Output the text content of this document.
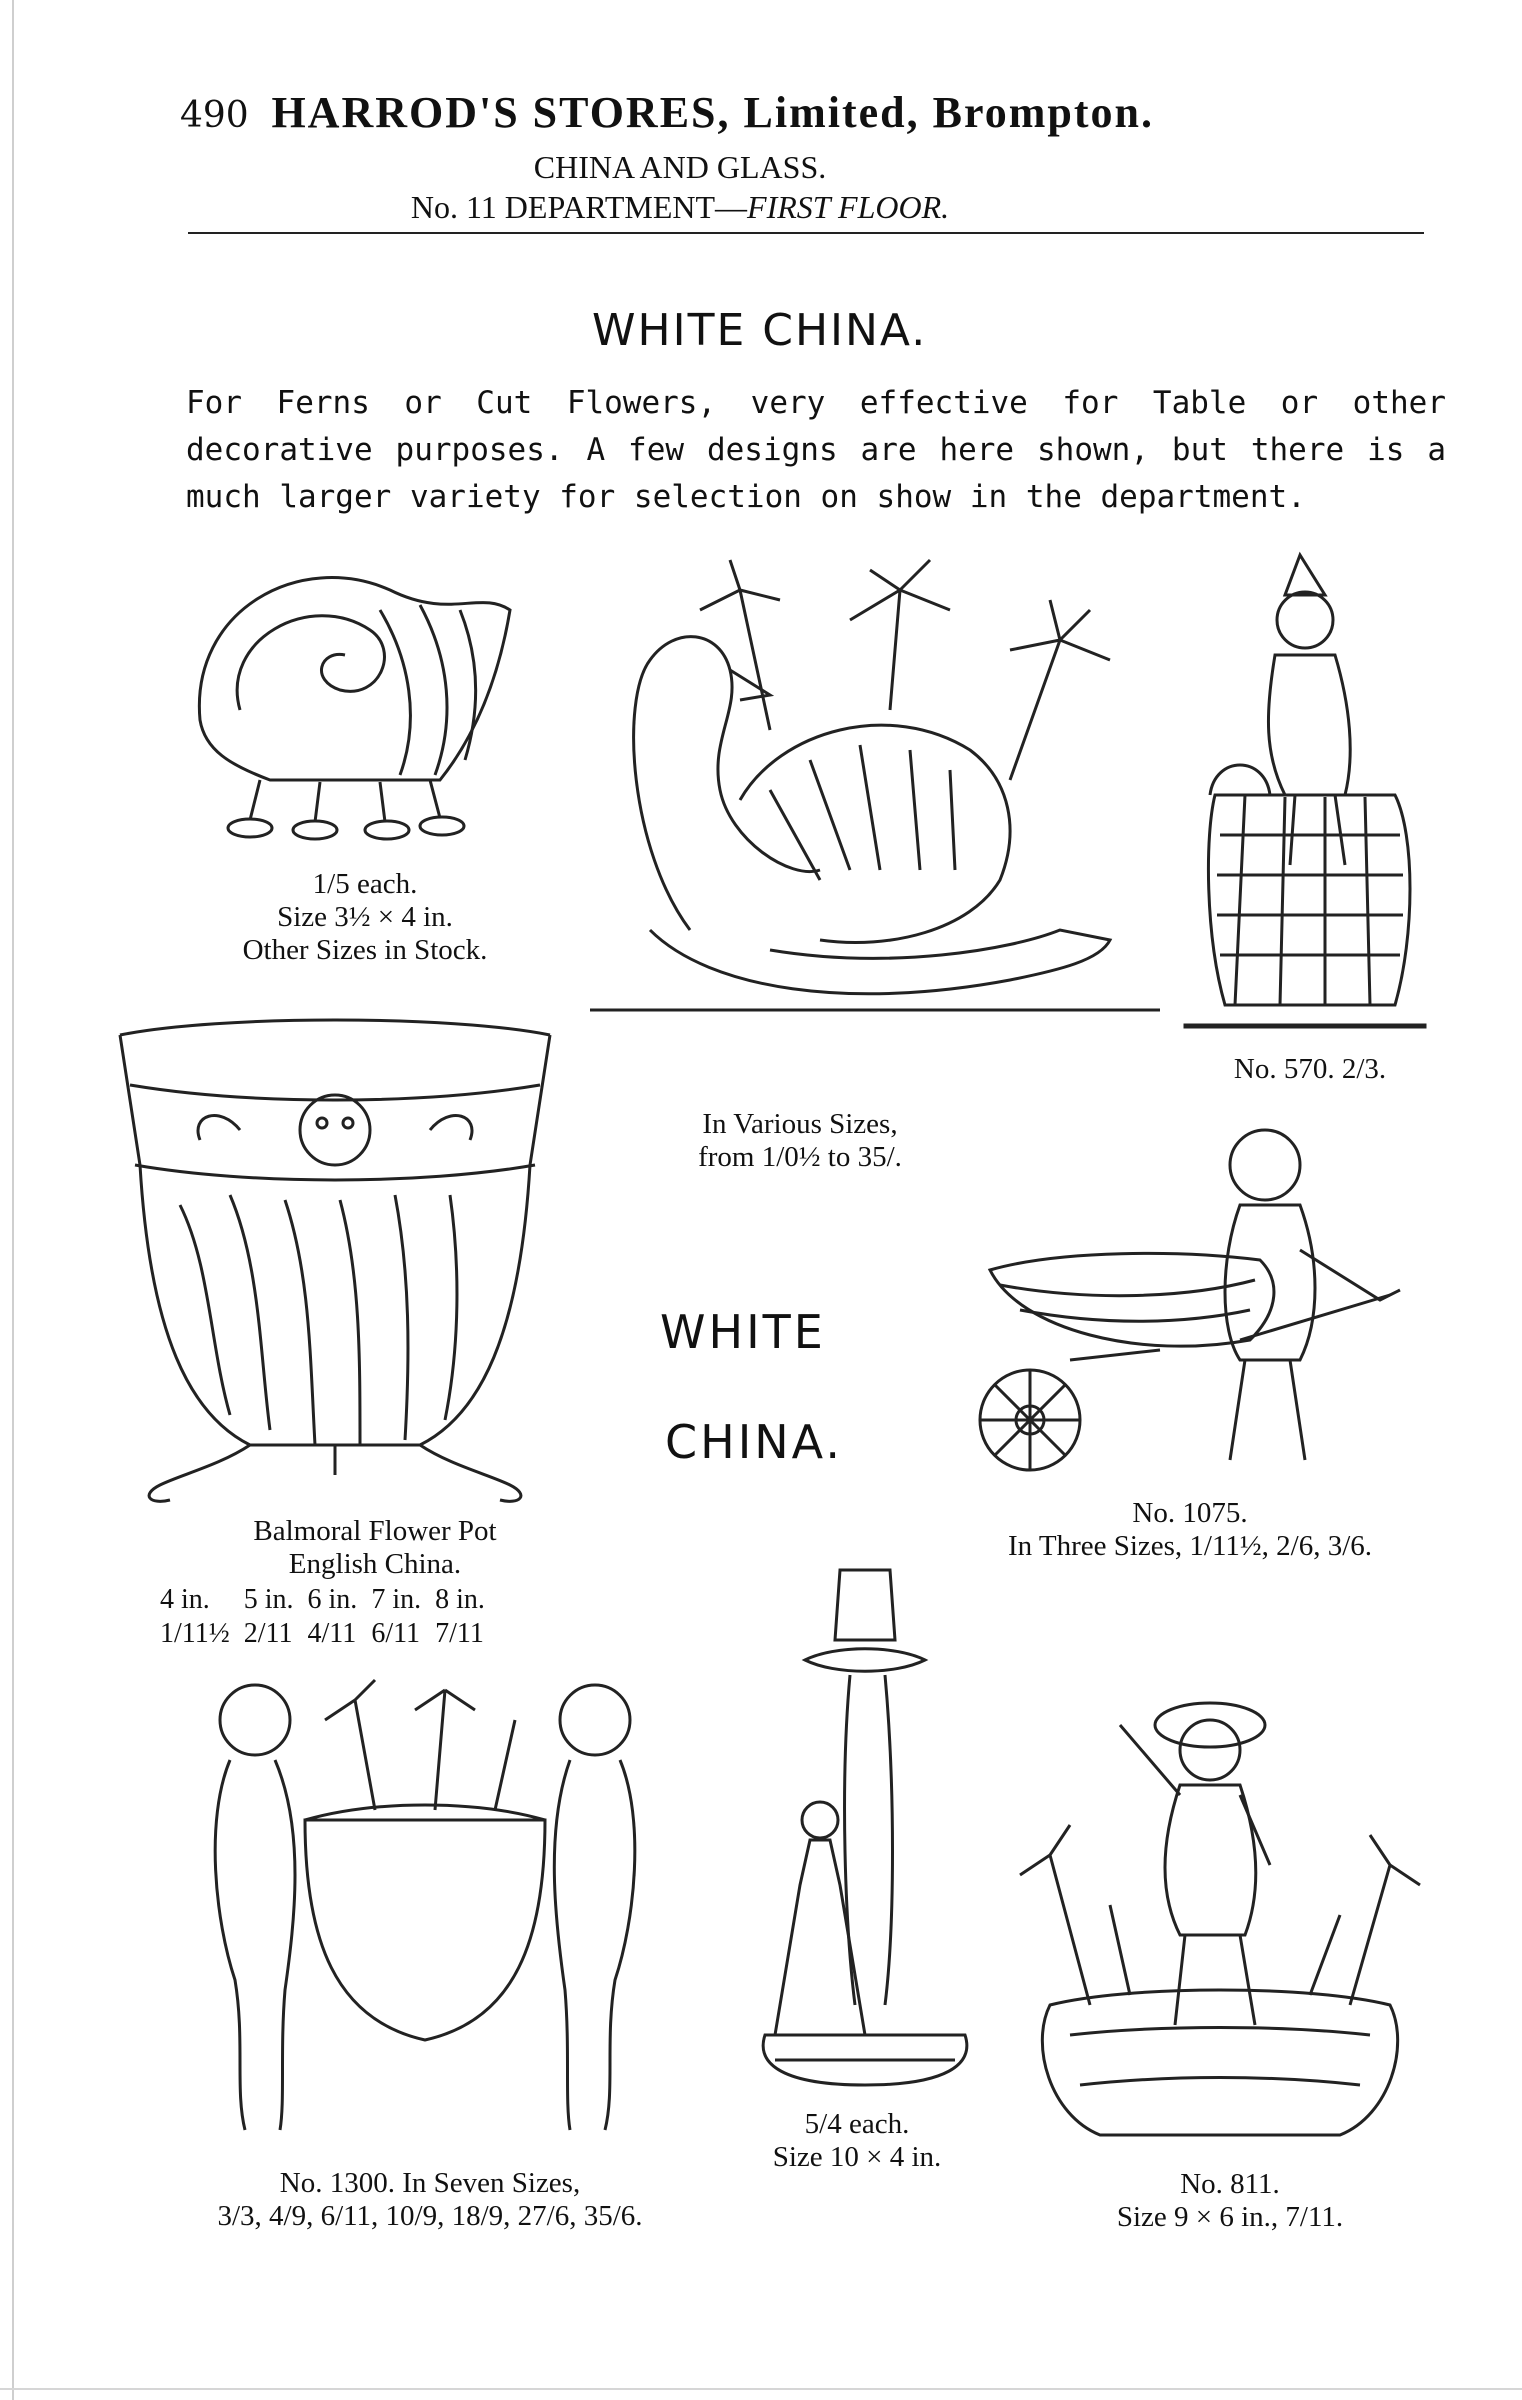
490 HARROD'S STORES, Limited, Brompton.
CHINA AND GLASS.
No. 11 DEPARTMENT—FIRST FLOOR.
WHITE CHINA.
For Ferns or Cut Flowers, very effective for Table or other decorative purposes. A few designs are here shown, but there is a much larger variety for selection on show in the department.
1/5 each.
Size 3½ × 4 in.
Other Sizes in Stock.
In Various Sizes,
from 1/0½ to 35/.
No. 570. 2/3.
WHITE
CHINA.
No. 1075.
In Three Sizes, 1/11½, 2/6, 3/6.
Balmoral Flower Pot
English China.
4 in.	5 in.	6 in.	7 in.	8 in.
1/11½	2/11	4/11	6/11	7/11
No. 1300. In Seven Sizes,
3/3, 4/9, 6/11, 10/9, 18/9, 27/6, 35/6.
5/4 each.
Size 10 × 4 in.
No. 811.
Size 9 × 6 in., 7/11.
